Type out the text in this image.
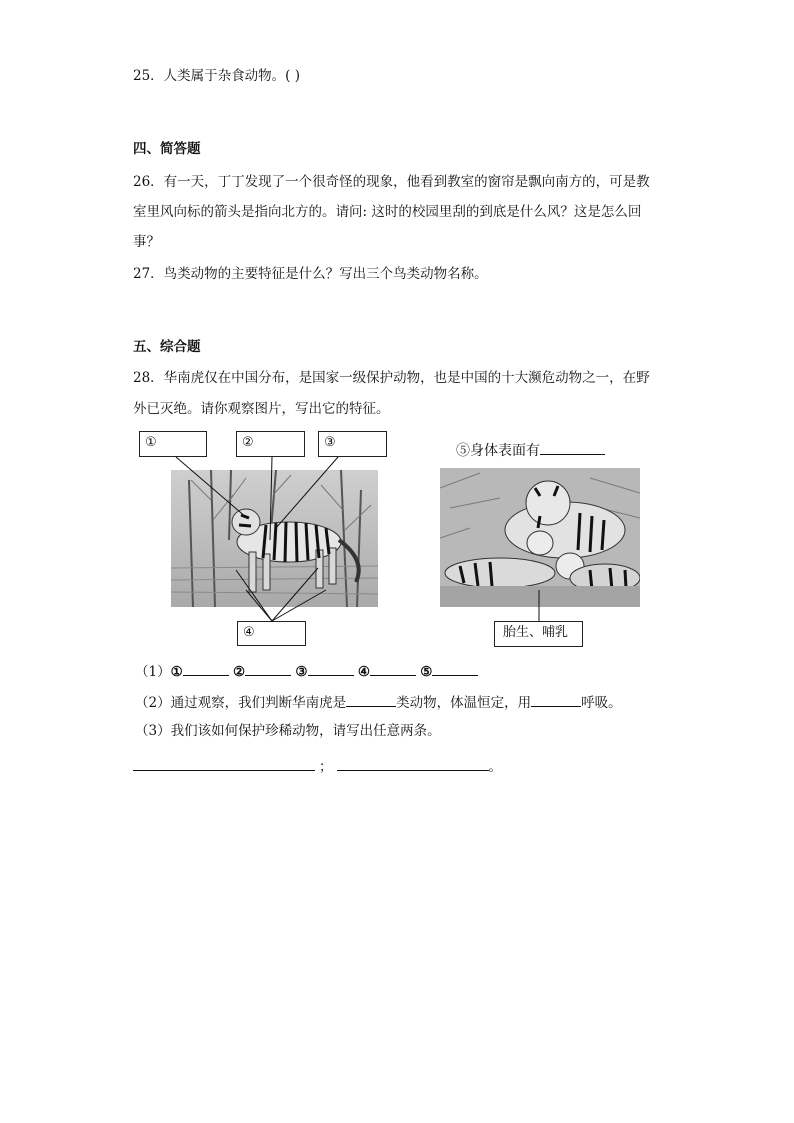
25．人类属于杂食动物。( )
四、简答题
26．有一天，丁丁发现了一个很奇怪的现象，他看到教室的窗帘是飘向南方的，可是教
室里风向标的箭头是指向北方的。请问: 这时的校园里刮的到底是什么风？这是怎么回
事？
27．鸟类动物的主要特征是什么？写出三个鸟类动物名称。
五、综合题
28．华南虎仅在中国分布，是国家一级保护动物，也是中国的十大濒危动物之一，在野
外已灭绝。请你观察图片，写出它的特征。
①	②	③
④	胎生、哺乳
⑤身体表面有
（1）①	②	③	④	⑤
（2）通过观察，我们判断华南虎是	类动物，体温恒定，用	呼吸。
（3）我们该如何保护珍稀动物，请写出任意两条。
；	。
